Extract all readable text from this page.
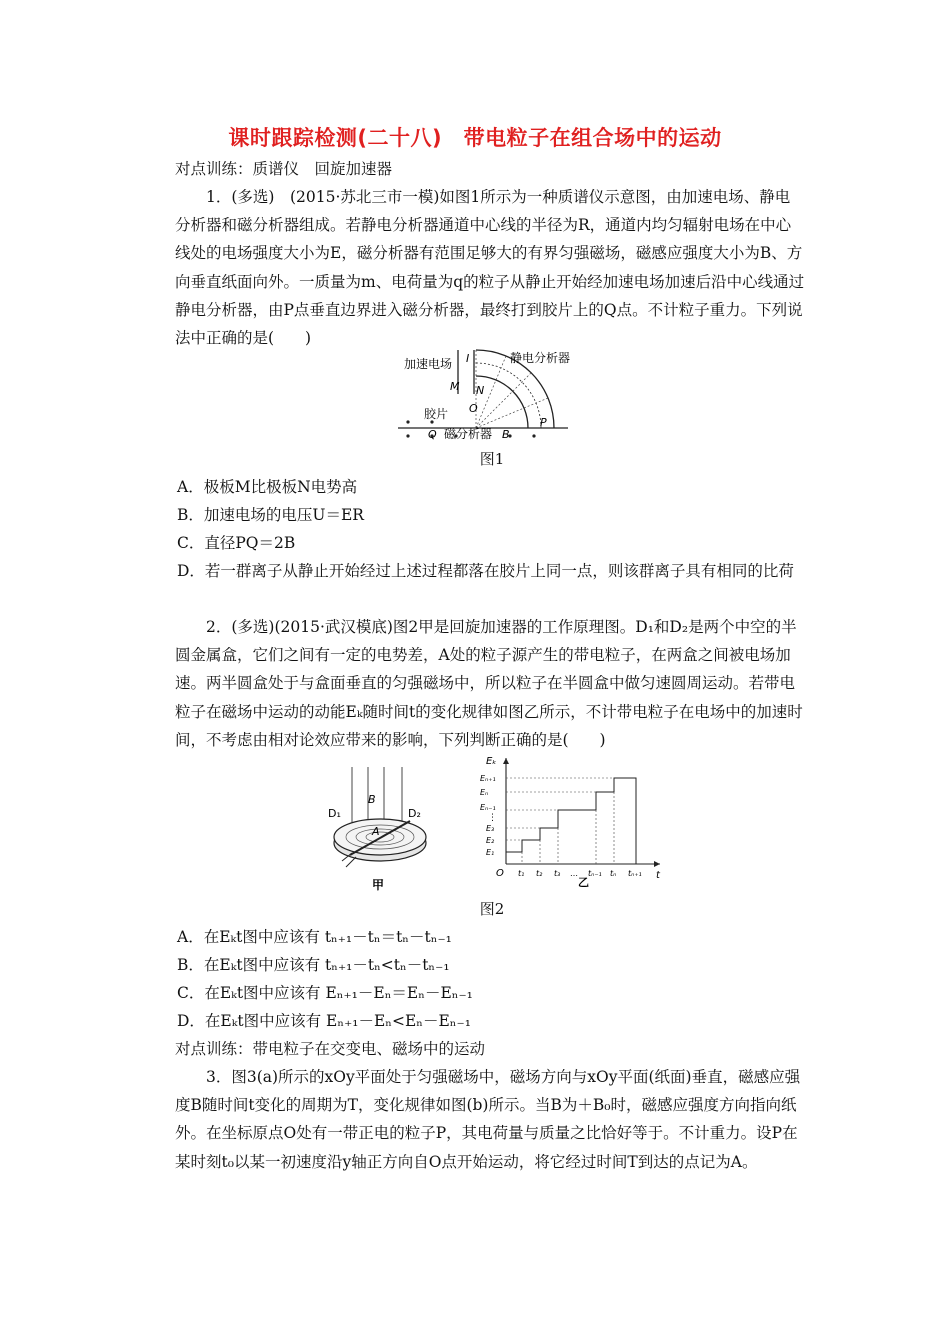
课时跟踪检测(二十八)　带电粒子在组合场中的运动
对点训练：质谱仪　回旋加速器
1．(多选)　(2015·苏北三市一模)如图1所示为一种质谱仪示意图，由加速电场、静电分析器和磁分析器组成。若静电分析器通道中心线的半径为R，通道内均匀辐射电场在中心线处的电场强度大小为E，磁分析器有范围足够大的有界匀强磁场，磁感应强度大小为B、方向垂直纸面向外。一质量为m、电荷量为q的粒子从静止开始经加速电场加速后沿中心线通过静电分析器，由P点垂直边界进入磁分析器，最终打到胶片上的Q点。不计粒子重力。下列说法中正确的是(　　)
加速电场	静电分析器
I
M N
O
P
胶片
Q 磁分析器 B
图1
A．极板M比极板N电势高
B．加速电场的电压U＝ER
C．直径PQ＝2B
D．若一群离子从静止开始经过上述过程都落在胶片上同一点，则该群离子具有相同的比荷
2．(多选)(2015·武汉模底)图2甲是回旋加速器的工作原理图。D₁和D₂是两个中空的半圆金属盒，它们之间有一定的电势差，A处的粒子源产生的带电粒子，在两盒之间被电场加速。两半圆盒处于与盒面垂直的匀强磁场中，所以粒子在半圆盒中做匀速圆周运动。若带电粒子在磁场中运动的动能Eₖ随时间t的变化规律如图乙所示，不计带电粒子在电场中的加速时间，不考虑由相对论效应带来的影响，下列判断正确的是(　　)
D₁	D₂
B
A
甲
Eₖ
t
O
Eₙ₊₁
Eₙ
Eₙ₋₁
⋮
E₃
E₂
E₁
t₁ t₂ t₃ … tₙ₋₁ tₙ tₙ₊₁
乙
图2
A．在Eₖt图中应该有 tₙ₊₁－tₙ＝tₙ－tₙ₋₁
B．在Eₖt图中应该有 tₙ₊₁－tₙ<tₙ－tₙ₋₁
C．在Eₖt图中应该有 Eₙ₊₁－Eₙ＝Eₙ－Eₙ₋₁
D．在Eₖt图中应该有 Eₙ₊₁－Eₙ<Eₙ－Eₙ₋₁
对点训练：带电粒子在交变电、磁场中的运动
3．图3(a)所示的xOy平面处于匀强磁场中，磁场方向与xOy平面(纸面)垂直，磁感应强度B随时间t变化的周期为T，变化规律如图(b)所示。当B为＋B₀时，磁感应强度方向指向纸外。在坐标原点O处有一带正电的粒子P，其电荷量与质量之比恰好等于。不计重力。设P在某时刻t₀以某一初速度沿y轴正方向自O点开始运动，将它经过时间T到达的点记为A。
